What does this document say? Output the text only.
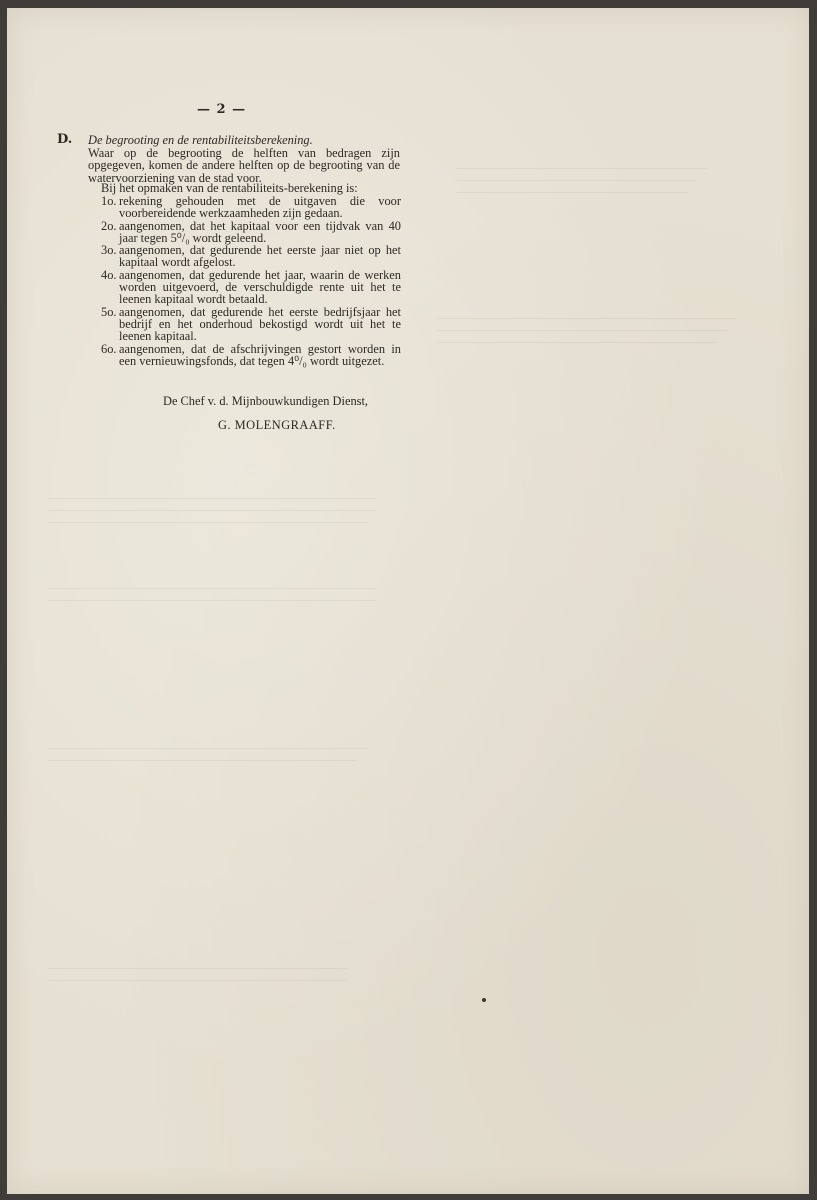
— 2 —
D. De begrooting en de rentabiliteitsberekening.
Waar op de begrooting de helften van bedragen zijn opgegeven, komen de andere helften op de begrooting van de watervoorziening van de stad voor.
Bij het opmaken van de rentabiliteits-berekening is:
1o. rekening gehouden met de uitgaven die voor voorbereidende werkzaamheden zijn gedaan.
2o. aangenomen, dat het kapitaal voor een tijdvak van 40 jaar tegen 5⁰/₀ wordt geleend.
3o. aangenomen, dat gedurende het eerste jaar niet op het kapitaal wordt afgelost.
4o. aangenomen, dat gedurende het jaar, waarin de werken worden uitgevoerd, de verschuldigde rente uit het te leenen kapitaal wordt betaald.
5o. aangenomen, dat gedurende het eerste bedrijfsjaar het bedrijf en het onderhoud bekostigd wordt uit het te leenen kapitaal.
6o. aangenomen, dat de afschrijvingen gestort worden in een vernieuwingsfonds, dat tegen 4⁰/₀ wordt uitgezet.
De Chef v. d. Mijnbouwkundigen Dienst,
G. MOLENGRAAFF.
